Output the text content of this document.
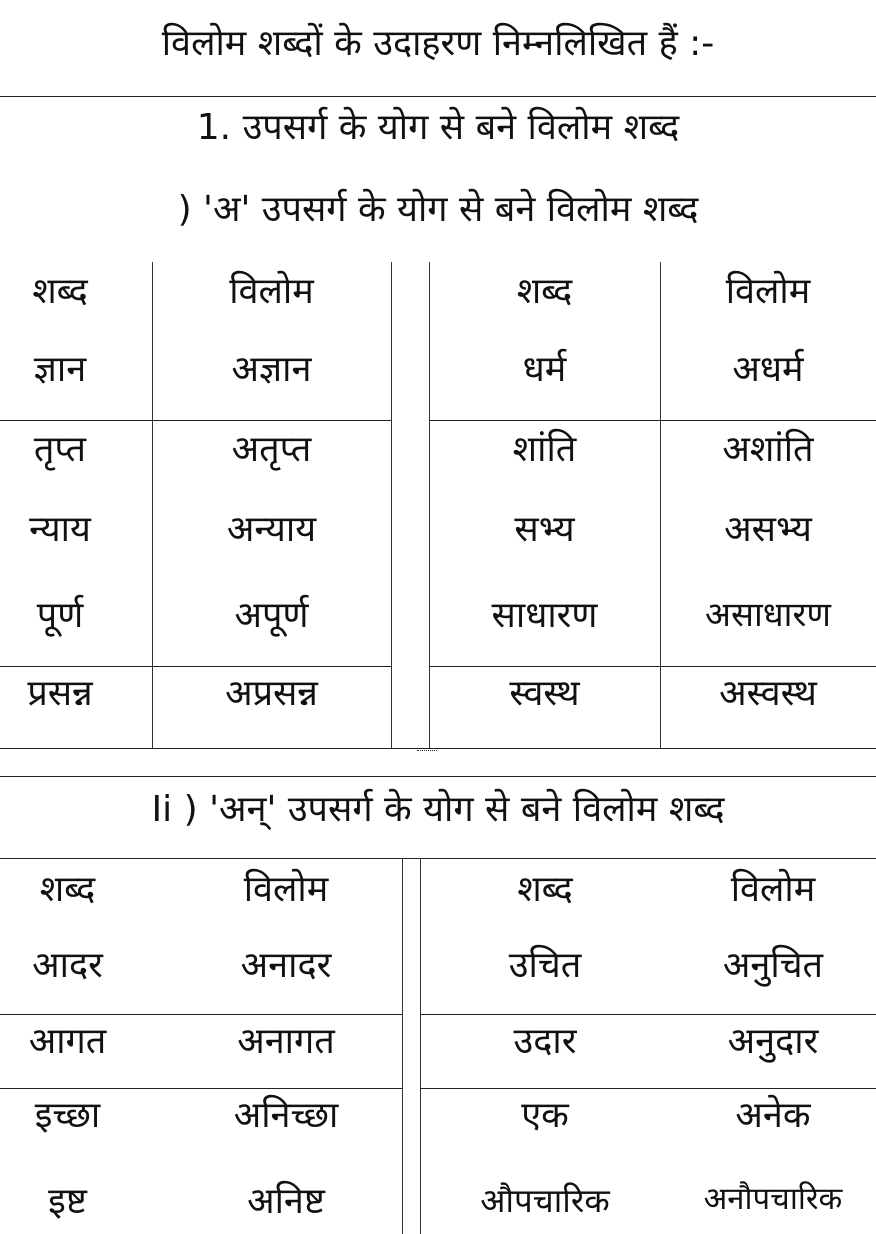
विलोम शब्दों के उदाहरण निम्नलिखित हैं :-
1. उपसर्ग के योग से बने विलोम शब्द
) 'अ' उपसर्ग के योग से बने विलोम शब्द
शब्द	विलोम	शब्द	विलोम
ज्ञान	अज्ञान	धर्म	अधर्म
तृप्त	अतृप्त	शांति	अशांति
न्याय	अन्याय	सभ्य	असभ्य
पूर्ण	अपूर्ण	साधारण	असाधारण
प्रसन्न	अप्रसन्न	स्वस्थ	अस्वस्थ
Ii ) 'अन्' उपसर्ग के योग से बने विलोम शब्द
शब्द	विलोम	शब्द	विलोम
आदर	अनादर	उचित	अनुचित
आगत	अनागत	उदार	अनुदार
इच्छा	अनिच्छा	एक	अनेक
इष्ट	अनिष्ट	औपचारिक	अनौपचारिक
